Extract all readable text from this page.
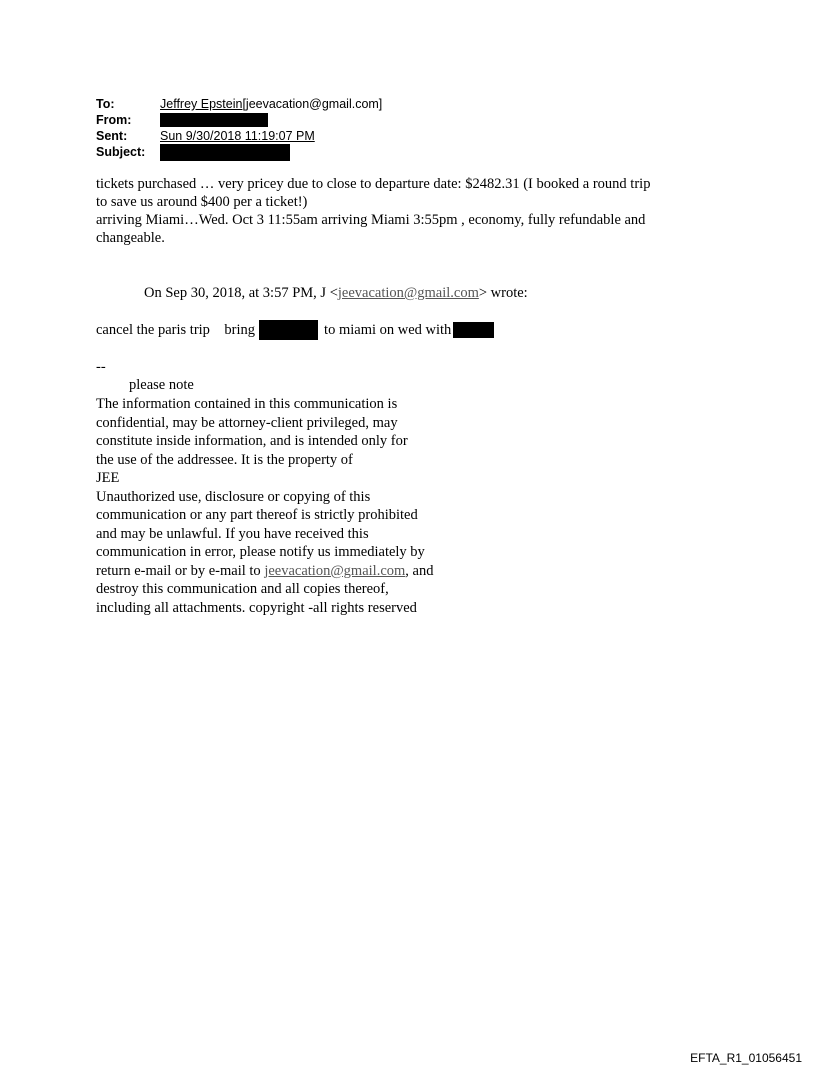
To:	Jeffrey Epstein[jeevacation@gmail.com]
From:
Sent:	Sun 9/30/2018 11:19:07 PM
Subject:
tickets purchased … very pricey due to close to departure date: $2482.31 (I booked a round trip
to save us around $400 per a ticket!)
arriving Miami…Wed. Oct 3 11:55am arriving Miami 3:55pm , economy, fully refundable and
changeable.
On Sep 30, 2018, at 3:57 PM, J <jeevacation@gmail.com> wrote:
cancel the paris trip    bring	to miami on wed with
--
please note
The information contained in this communication is
confidential, may be attorney-client privileged, may
constitute inside information, and is intended only for
the use of the addressee. It is the property of
JEE
Unauthorized use, disclosure or copying of this
communication or any part thereof is strictly prohibited
and may be unlawful. If you have received this
communication in error, please notify us immediately by
return e-mail or by e-mail to jeevacation@gmail.com, and
destroy this communication and all copies thereof,
including all attachments. copyright -all rights reserved
EFTA_R1_01056451
